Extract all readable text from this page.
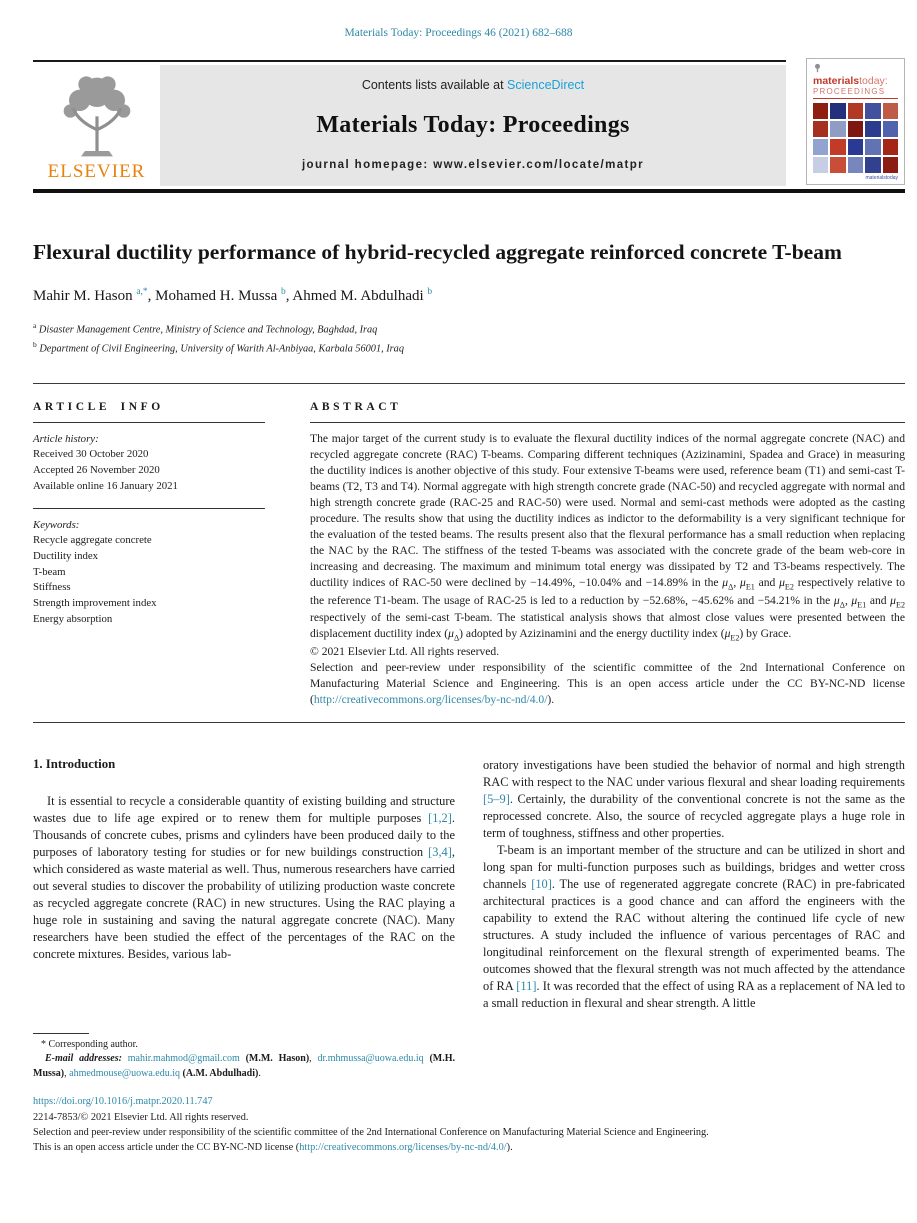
Materials Today: Proceedings 46 (2021) 682–688
ELSEVIER
Contents lists available at ScienceDirect
Materials Today: Proceedings
journal homepage: www.elsevier.com/locate/matpr
materialstoday:
PROCEEDINGS
materialstoday
Flexural ductility performance of hybrid-recycled aggregate reinforced concrete T-beam
Mahir M. Hason $^{a,*}$, Mohamed H. Mussa $^b$, Ahmed M. Abdulhadi $^b$
$^a$ Disaster Management Centre, Ministry of Science and Technology, Baghdad, Iraq
$^b$ Department of Civil Engineering, University of Warith Al-Anbiyaa, Karbala 56001, Iraq
ARTICLE INFO
Article history:
Received 30 October 2020
Accepted 26 November 2020
Available online 16 January 2021
Keywords:
Recycle aggregate concrete
Ductility index
T-beam
Stiffness
Strength improvement index
Energy absorption
ABSTRACT

The major target of the current study is to evaluate the flexural ductility indices of the normal aggregate concrete (NAC) and recycled aggregate concrete (RAC) T-beams. Comparing different techniques (Azizinamini, Spadea and Grace) in measuring the ductility indices is another objective of this study. Four extensive T-beams were used, reference beam (T1) and semi-cast T-beams (T2, T3 and T4). Normal aggregate with high strength concrete grade (NAC-50) and recycled aggregate with normal and high strength concrete grade (RAC-25 and RAC-50) were used. Normal and semi-cast methods were adopted as the casting procedure. The results show that using the ductility indices as indictor to the deformability is a very significant technique for the evaluation of the tested beams. The results present also that the flexural performance has a small reduction when replacing the NAC by the RAC. The stiffness of the tested T-beams was associated with the concrete grade of the beam web-core in increasing and decreasing. The maximum and minimum total energy was dissipated by T2 and T3-beams respectively. The ductility indices of RAC-50 were declined by −14.49%, −10.04% and −14.89% in the $\mu_\Delta$, $\mu_{E1}$ and $\mu_{E2}$ respectively relative to the reference T1-beam. The usage of RAC-25 is led to a reduction by −52.68%, −45.62% and −54.21% in the $\mu_\Delta$, $\mu_{E1}$ and $\mu_{E2}$ respectively of the semi-cast T-beam. The statistical analysis shows that almost close values were presented between the displacement ductility index $(\mu_\Delta)$ adopted by Azizinamini and the energy ductility index $(\mu_{E2})$ by Grace.

© 2021 Elsevier Ltd. All rights reserved.

Selection and peer-review under responsibility of the scientific committee of the 2nd International Conference on Manufacturing Material Science and Engineering. This is an open access article under the CC BY-NC-ND license (http://creativecommons.org/licenses/by-nc-nd/4.0/).

1. Introduction

It is essential to recycle a considerable quantity of existing building and structure wastes due to life age expired or to renew them for multiple purposes [1,2]. Thousands of concrete cubes, prisms and cylinders have been produced daily to the purposes of laboratory testing for studies or for new buildings construction [3,4], which considered as waste material as well. Thus, numerous researchers have carried out several studies to discover the probability of utilizing production waste concrete as recycled aggregate concrete (RAC) in new structures. Using the RAC playing a huge role in sustaining and saving the natural aggregate concrete (NAC). Many researchers have been studied the effect of the percentages of the RAC on the concrete mixtures. Besides, various lab-

* Corresponding author.

E-mail addresses: mahir.mahmod@gmail.com (M.M. Hason), dr.mhmussa@uowa.edu.iq (M.H. Mussa), ahmedmouse@uowa.edu.iq (A.M. Abdulhadi).

oratory investigations have been studied the behavior of normal and high strength RAC with respect to the NAC under various flexural and shear loading requirements [5–9]. Certainly, the durability of the conventional concrete is not the same as the reprocessed concrete. Also, the source of recycled aggregate plays a huge role in term of toughness, stiffness and other properties.

T-beam is an important member of the structure and can be utilized in short and long span for multi-function purposes such as buildings, bridges and wetter cross channels [10]. The use of regenerated aggregate concrete (RAC) in pre-fabricated architectural practices is a good chance and can afford the engineers with the capability to extend the RAC without altering the continued life cycle of new structures. A study included the influence of various percentages of RAC and longitudinal reinforcement on the flexural strength of experimented beams. The outcomes showed that the flexural strength was not much affected by the attendance of RA [11]. It was recorded that the effect of using RA as a replacement of NA led to a small reduction in flexural and shear strength. A little

https://doi.org/10.1016/j.matpr.2020.11.747
2214-7853/© 2021 Elsevier Ltd. All rights reserved.
Selection and peer-review under responsibility of the scientific committee of the 2nd International Conference on Manufacturing Material Science and Engineering.
This is an open access article under the CC BY-NC-ND license (http://creativecommons.org/licenses/by-nc-nd/4.0/).
